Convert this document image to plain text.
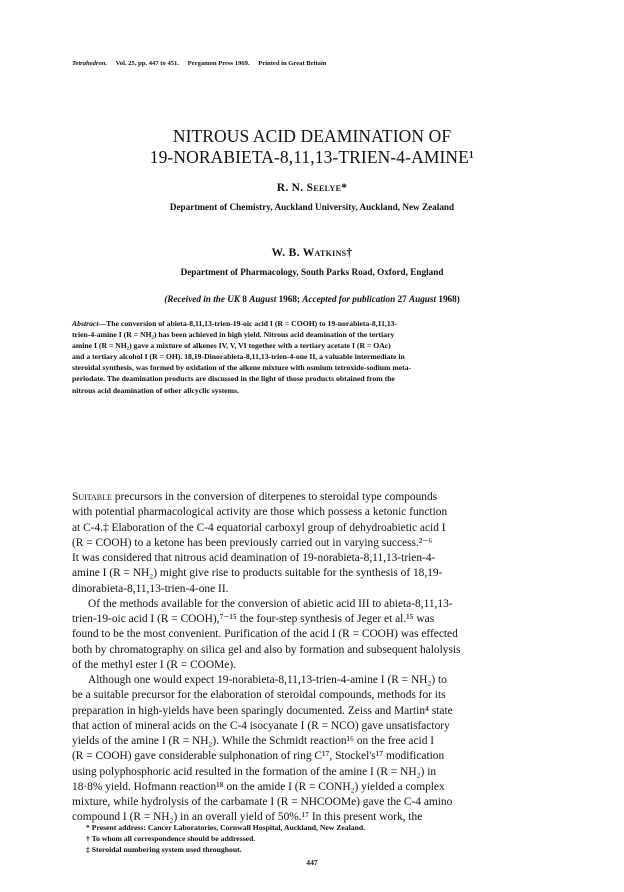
Tetrahedron. Vol. 25, pp. 447 to 451. Pergamon Press 1969. Printed in Great Britain
NITROUS ACID DEAMINATION OF
19-NORABIETA-8,11,13-TRIEN-4-AMINE¹
R. N. Seelye*
Department of Chemistry, Auckland University, Auckland, New Zealand
W. B. Watkins†
Department of Pharmacology, South Parks Road, Oxford, England
(Received in the UK 8 August 1968; Accepted for publication 27 August 1968)
Abstract—The conversion of abieta-8,11,13-trien-19-oic acid I (R = COOH) to 19-norabieta-8,11,13-
trien-4-amine I (R = NH₂) has been achieved in high yield. Nitrous acid deamination of the tertiary
amine I (R = NH₂) gave a mixture of alkenes IV, V, VI together with a tertiary acetate I (R = OAc)
and a tertiary alcohol I (R = OH). 18,19-Dinorabieta-8,11,13-trien-4-one II, a valuable intermediate in
steroidal synthesis, was formed by oxidation of the alkene mixture with osmium tetroxide-sodium meta-
periodate. The deamination products are discussed in the light of those products obtained from the
nitrous acid deamination of other alicyclic systems.
Suitable precursors in the conversion of diterpenes to steroidal type compounds
with potential pharmacological activity are those which possess a ketonic function
at C-4.‡ Elaboration of the C-4 equatorial carboxyl group of dehydroabietic acid I
(R = COOH) to a ketone has been previously carried out in varying success.²⁻⁶
It was considered that nitrous acid deamination of 19-norabieta-8,11,13-trien-4-
amine I (R = NH₂) might give rise to products suitable for the synthesis of 18,19-
dinorabieta-8,11,13-trien-4-one II.
Of the methods available for the conversion of abietic acid III to abieta-8,11,13-
trien-19-oic acid I (R = COOH),⁷⁻¹⁵ the four-step synthesis of Jeger et al.¹⁵ was
found to be the most convenient. Purification of the acid I (R = COOH) was effected
both by chromatography on silica gel and also by formation and subsequent halolysis
of the methyl ester I (R = COOMe).
Although one would expect 19-norabieta-8,11,13-trien-4-amine I (R = NH₂) to
be a suitable precursor for the elaboration of steroidal compounds, methods for its
preparation in high-yields have been sparingly documented. Zeiss and Martin⁴ state
that action of mineral acids on the C-4 isocyanate I (R = NCO) gave unsatisfactory
yields of the amine I (R = NH₂). While the Schmidt reaction¹⁶ on the free acid I
(R = COOH) gave considerable sulphonation of ring C¹⁷, Stockel's¹⁷ modification
using polyphosphoric acid resulted in the formation of the amine I (R = NH₂) in
18·8% yield. Hofmann reaction¹⁸ on the amide I (R = CONH₂) yielded a complex
mixture, while hydrolysis of the carbamate I (R = NHCOOMe) gave the C-4 amino
compound I (R = NH₂) in an overall yield of 50%.¹⁷ In this present work, the
* Present address: Cancer Laboratories, Cornwall Hospital, Auckland, New Zealand.
† To whom all correspondence should be addressed.
‡ Steroidal numbering system used throughout.
447
